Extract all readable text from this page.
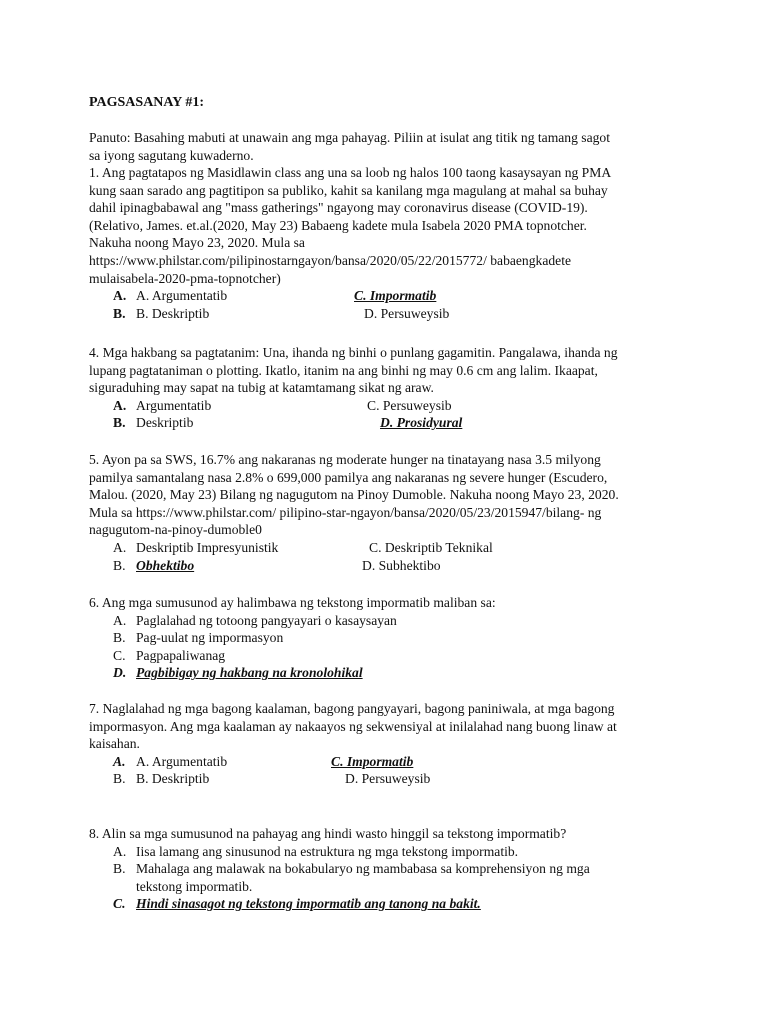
PAGSASANAY #1:
Panuto: Basahing mabuti at unawain ang mga pahayag. Piliin at isulat ang titik ng tamang sagot
sa iyong sagutang kuwaderno.
1. Ang pagtatapos ng Masidlawin class ang una sa loob ng halos 100 taong kasaysayan ng PMA
kung saan sarado ang pagtitipon sa publiko, kahit sa kanilang mga magulang at mahal sa buhay
dahil ipinagbabawal ang "mass gatherings" ngayong may coronavirus disease (COVID-19).
(Relativo, James. et.al.(2020, May 23) Babaeng kadete mula Isabela 2020 PMA topnotcher.
Nakuha noong Mayo 23, 2020. Mula sa
https://www.philstar.com/pilipinostarngayon/bansa/2020/05/22/2015772/ babaengkadete
mulaisabela-2020-pma-topnotcher)
A. A. Argumentatib	C. Impormatib
B. B. Deskriptib	D. Persuweysib
4. Mga hakbang sa pagtatanim: Una, ihanda ng binhi o punlang gagamitin. Pangalawa, ihanda ng
lupang pagtataniman o plotting. Ikatlo, itanim na ang binhi ng may 0.6 cm ang lalim. Ikaapat,
siguraduhing may sapat na tubig at katamtamang sikat ng araw.
A. Argumentatib	C. Persuweysib
B. Deskriptib	D. Prosidyural
5. Ayon pa sa SWS, 16.7% ang nakaranas ng moderate hunger na tinatayang nasa 3.5 milyong
pamilya samantalang nasa 2.8% o 699,000 pamilya ang nakaranas ng severe hunger (Escudero,
Malou. (2020, May 23) Bilang ng nagugutom na Pinoy Dumoble. Nakuha noong Mayo 23, 2020.
Mula sa https://www.philstar.com/ pilipino-star-ngayon/bansa/2020/05/23/2015947/bilang- ng
nagugutom-na-pinoy-dumoble0
A. Deskriptib Impresyunistik	C. Deskriptib Teknikal
B. Obhektibo	D. Subhektibo
6. Ang mga sumusunod ay halimbawa ng tekstong impormatib maliban sa:
A. Paglalahad ng totoong pangyayari o kasaysayan
B. Pag-uulat ng impormasyon
C. Pagpapaliwanag
D. Pagbibigay ng hakbang na kronolohikal
7. Naglalahad ng mga bagong kaalaman, bagong pangyayari, bagong paniniwala, at mga bagong
impormasyon. Ang mga kaalaman ay nakaayos ng sekwensiyal at inilalahad nang buong linaw at
kaisahan.
A. A. Argumentatib	C. Impormatib
B. B. Deskriptib	D. Persuweysib
8. Alin sa mga sumusunod na pahayag ang hindi wasto hinggil sa tekstong impormatib?
A. Iisa lamang ang sinusunod na estruktura ng mga tekstong impormatib.
B. Mahalaga ang malawak na bokabularyo ng mambabasa sa komprehensiyon ng mga
tekstong impormatib.
C. Hindi sinasagot ng tekstong impormatib ang tanong na bakit.
